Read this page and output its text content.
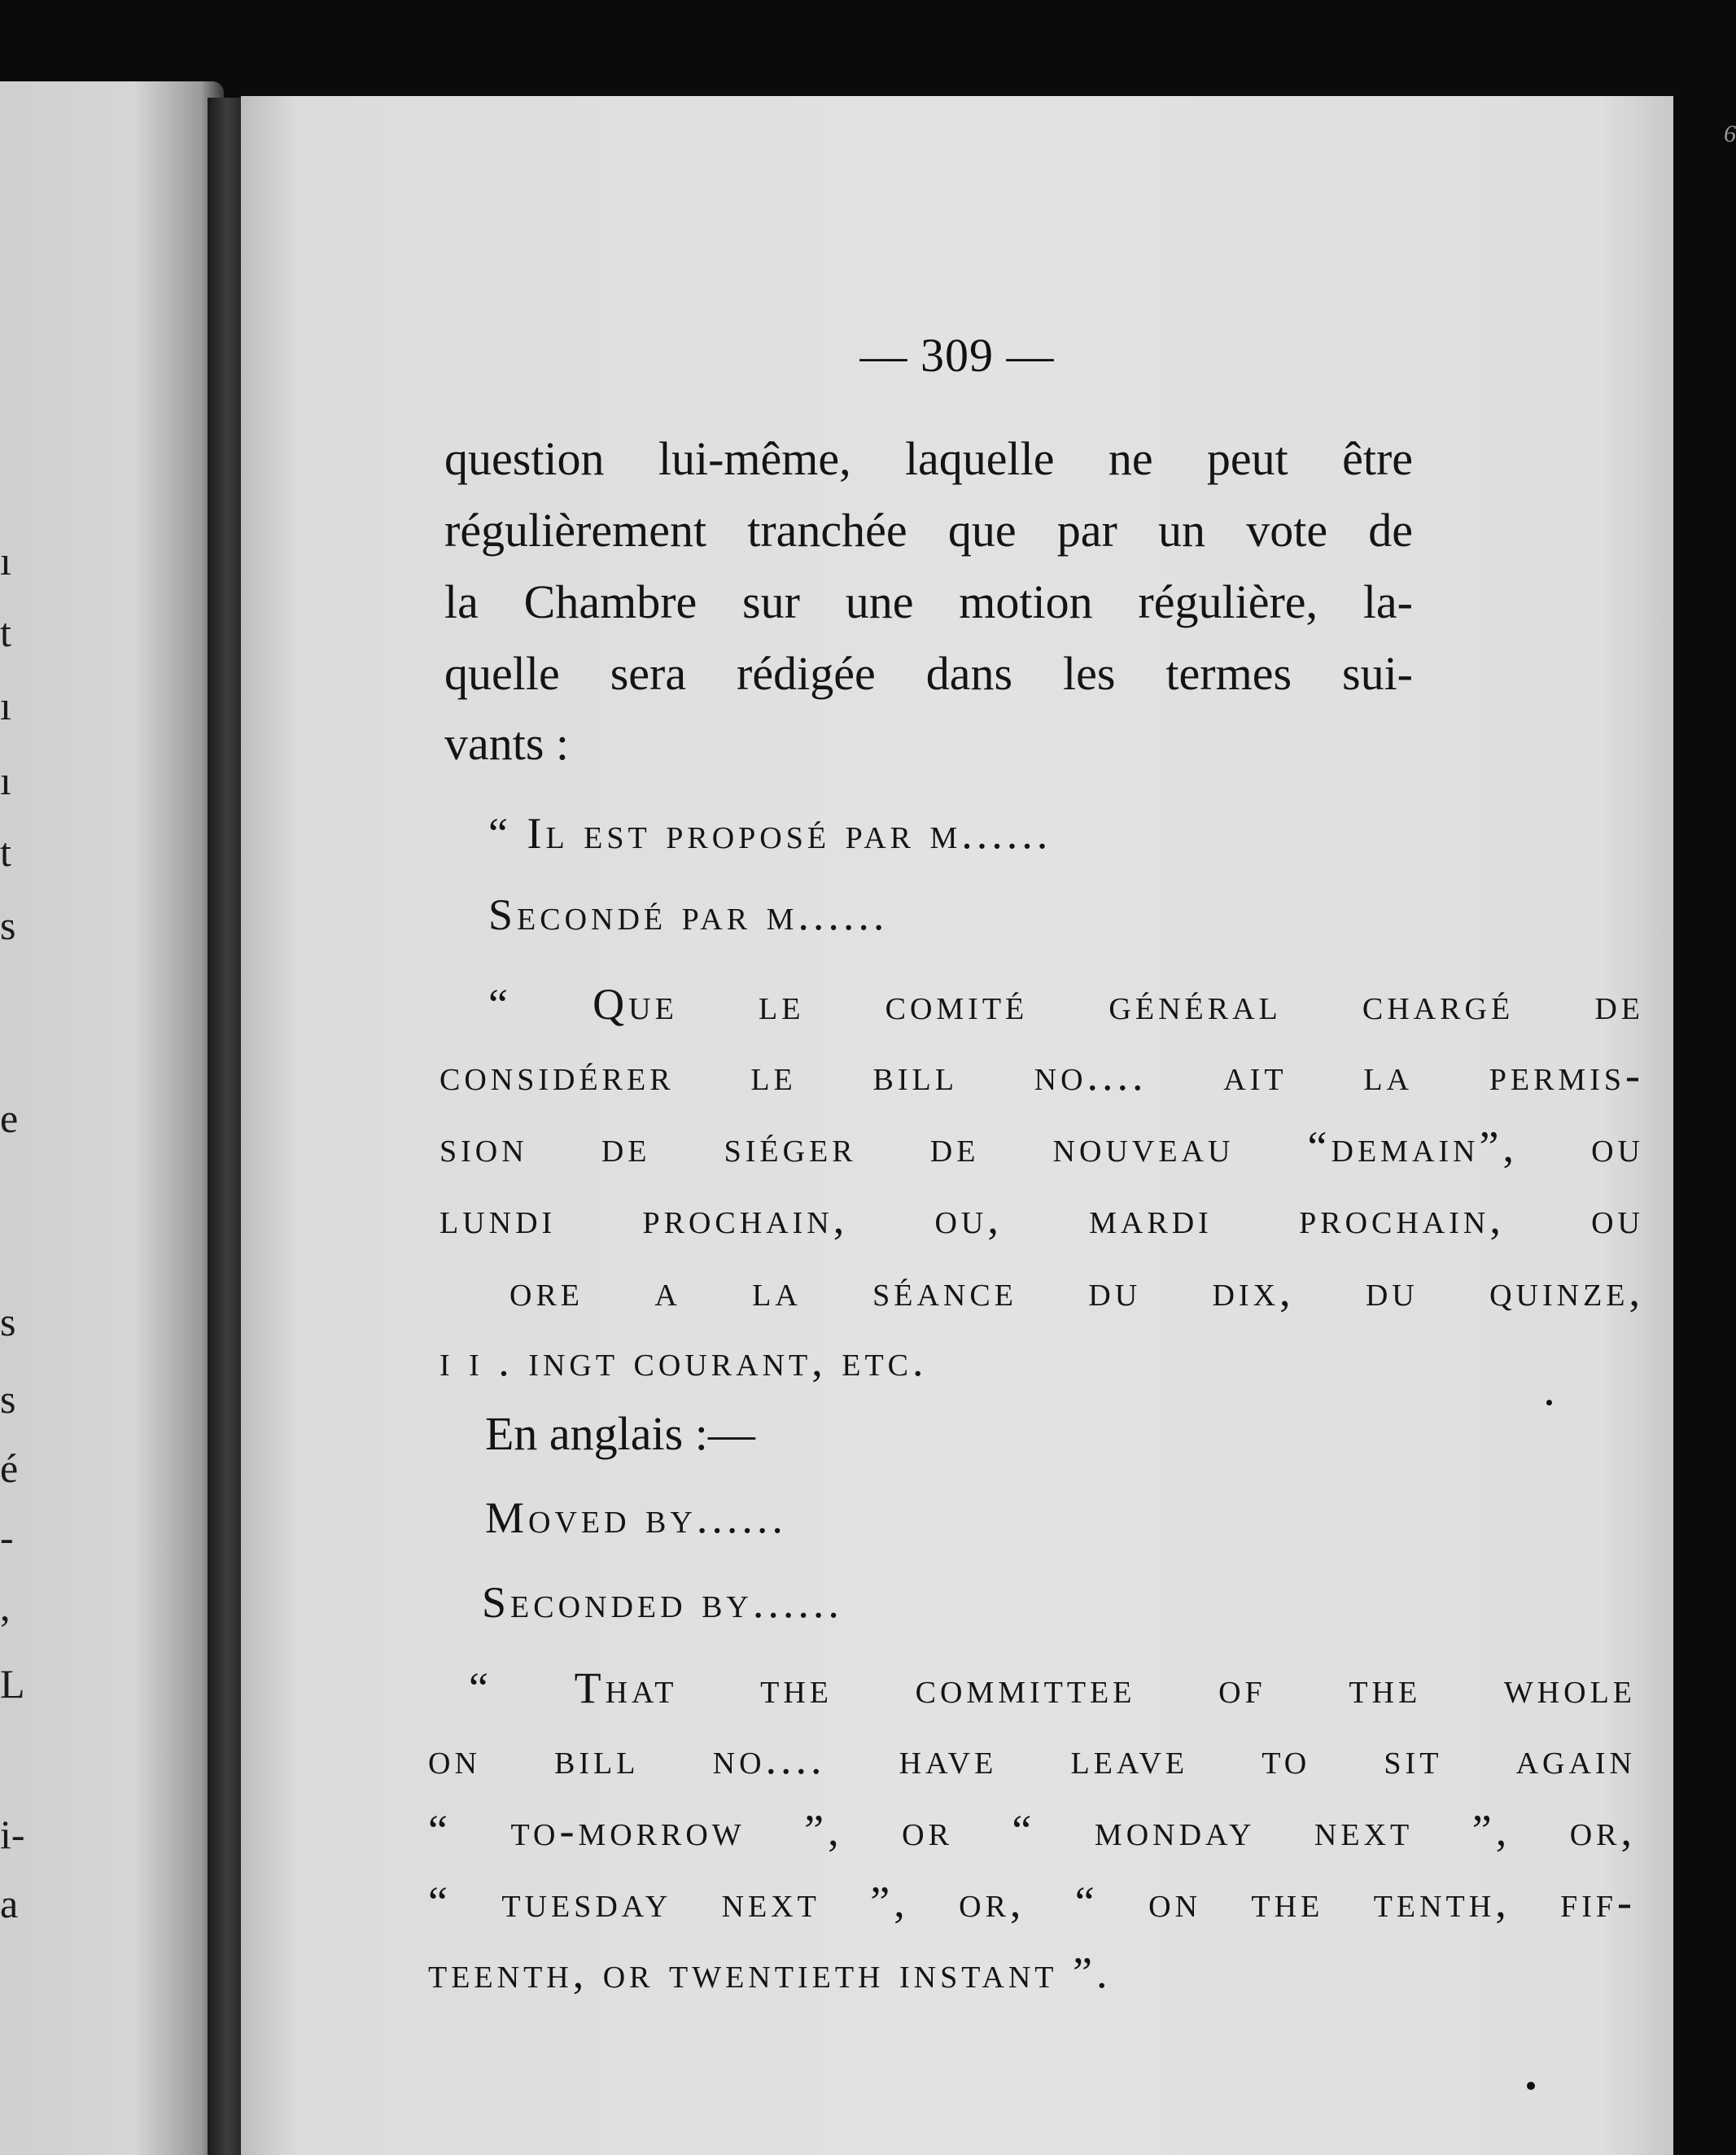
ı
t
ı
ı
t
s
e
s
s
é
-
,
L
i-
a
6
— 309 —
question lui-même, laquelle ne peut être
régulièrement tranchée que par un vote de
la Chambre sur une motion régulière, la-
quelle sera rédigée dans les termes sui-
vants :
“ Il est proposé par m......
Secondé par m......
“ Que le comité général chargé de
considérer le bill no.... ait la permis-
sion de siéger de nouveau “demain”, ou
lundi prochain, ou, mardi prochain, ou
ore a la séance du dix, du quinze,
ı ı . ingt courant, etc.
En anglais :—
Moved by......
Seconded by......
“ That the committee of the whole
on bill no.... have leave to sit again
“ to-morrow ”, or “ monday next ”, or,
“ tuesday next ”, or, “ on the tenth, fif-
teenth, or twentieth instant ”.
